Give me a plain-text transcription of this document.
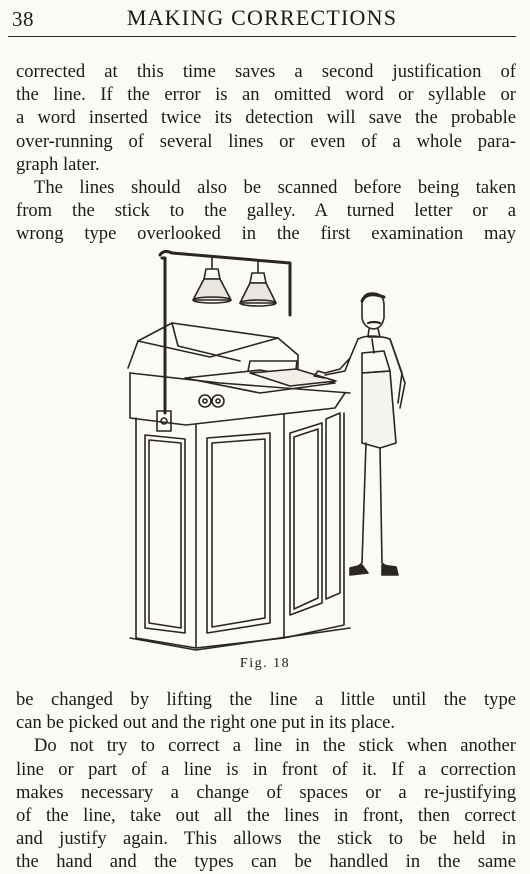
38	MAKING CORRECTIONS

corrected at this time saves a second justification of

the line. If the error is an omitted word or syllable or

a word inserted twice its detection will save the probable

over-running of several lines or even of a whole para-

graph later.

The lines should also be scanned before being taken

from the stick to the galley. A turned letter or a

wrong type overlooked in the first examination may

Fig. 18

be changed by lifting the line a little until the type

can be picked out and the right one put in its place.

Do not try to correct a line in the stick when another

line or part of a line is in front of it. If a correction

makes necessary a change of spaces or a re-justifying

of the line, take out all the lines in front, then correct

and justify again. This allows the stick to be held in

the hand and the types can be handled in the same
